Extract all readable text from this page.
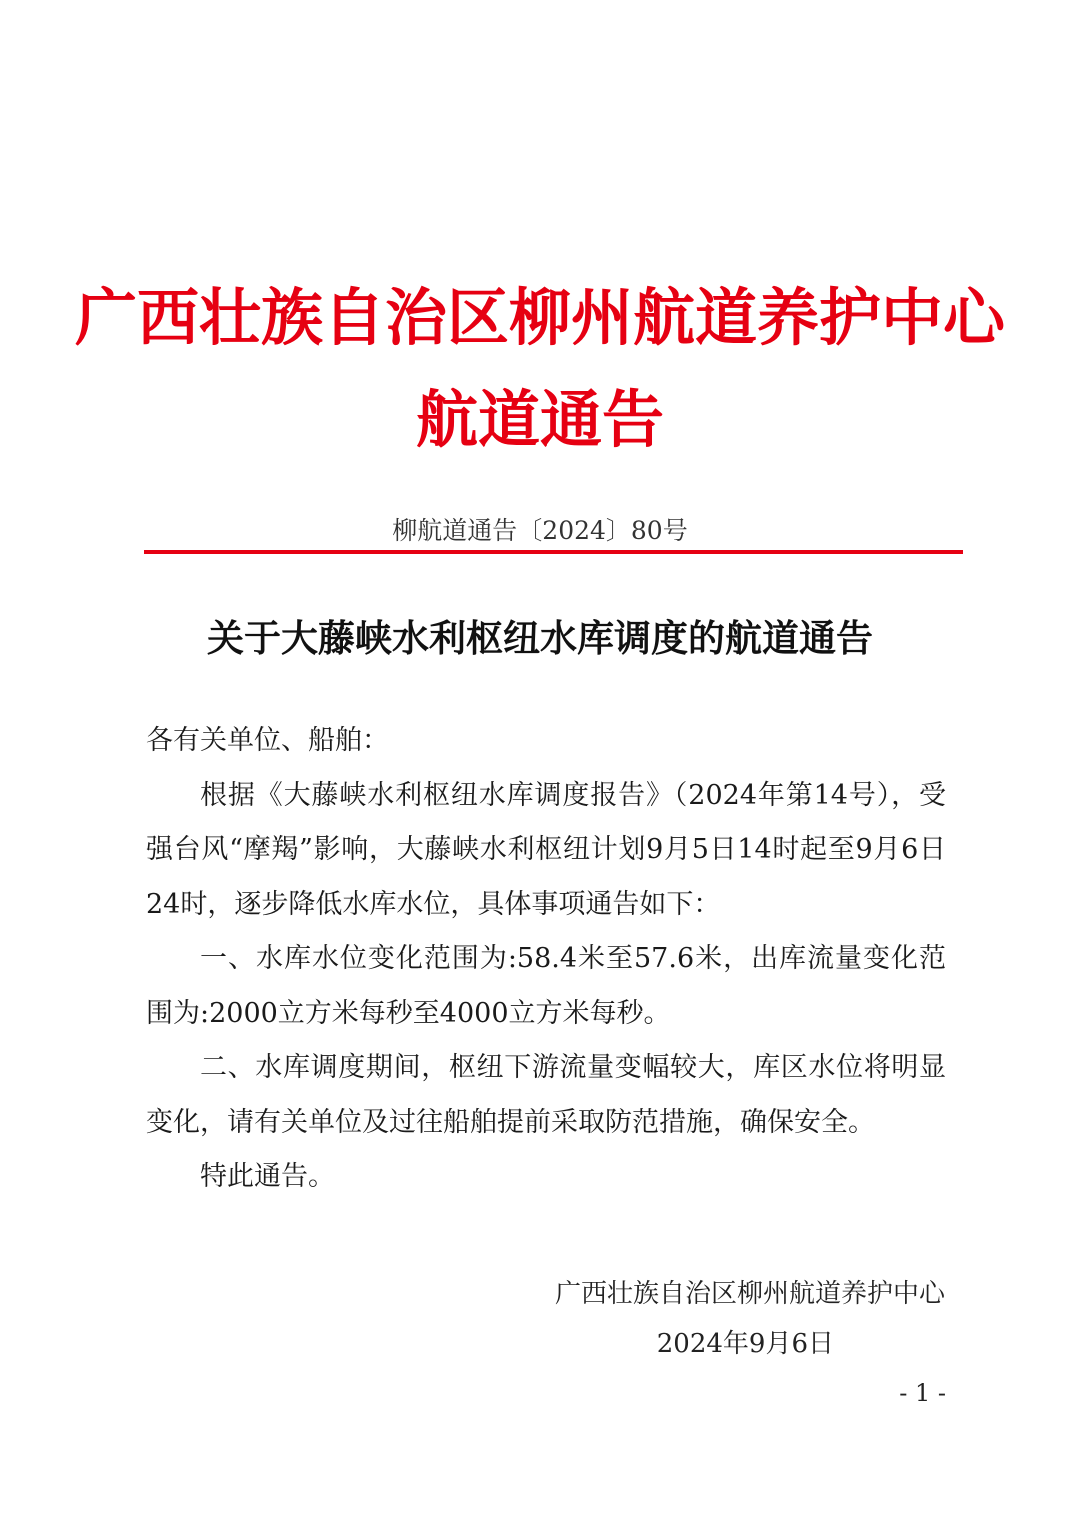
广西壮族自治区柳州航道养护中心
航道通告
柳航道通告〔2024〕80号
关于大藤峡水利枢纽水库调度的航道通告

各有关单位、船舶：

根据《大藤峡水利枢纽水库调度报告》（2024年第14号），受强台风“摩羯”影响，大藤峡水利枢纽计划9月5日14时起至9月6日24时，逐步降低水库水位，具体事项通告如下：

一、水库水位变化范围为:58.4米至57.6米，出库流量变化范围为:2000立方米每秒至4000立方米每秒。

二、水库调度期间，枢纽下游流量变幅较大，库区水位将明显变化，请有关单位及过往船舶提前采取防范措施，确保安全。

特此通告。

广西壮族自治区柳州航道养护中心
2024年9月6日
- 1 -
